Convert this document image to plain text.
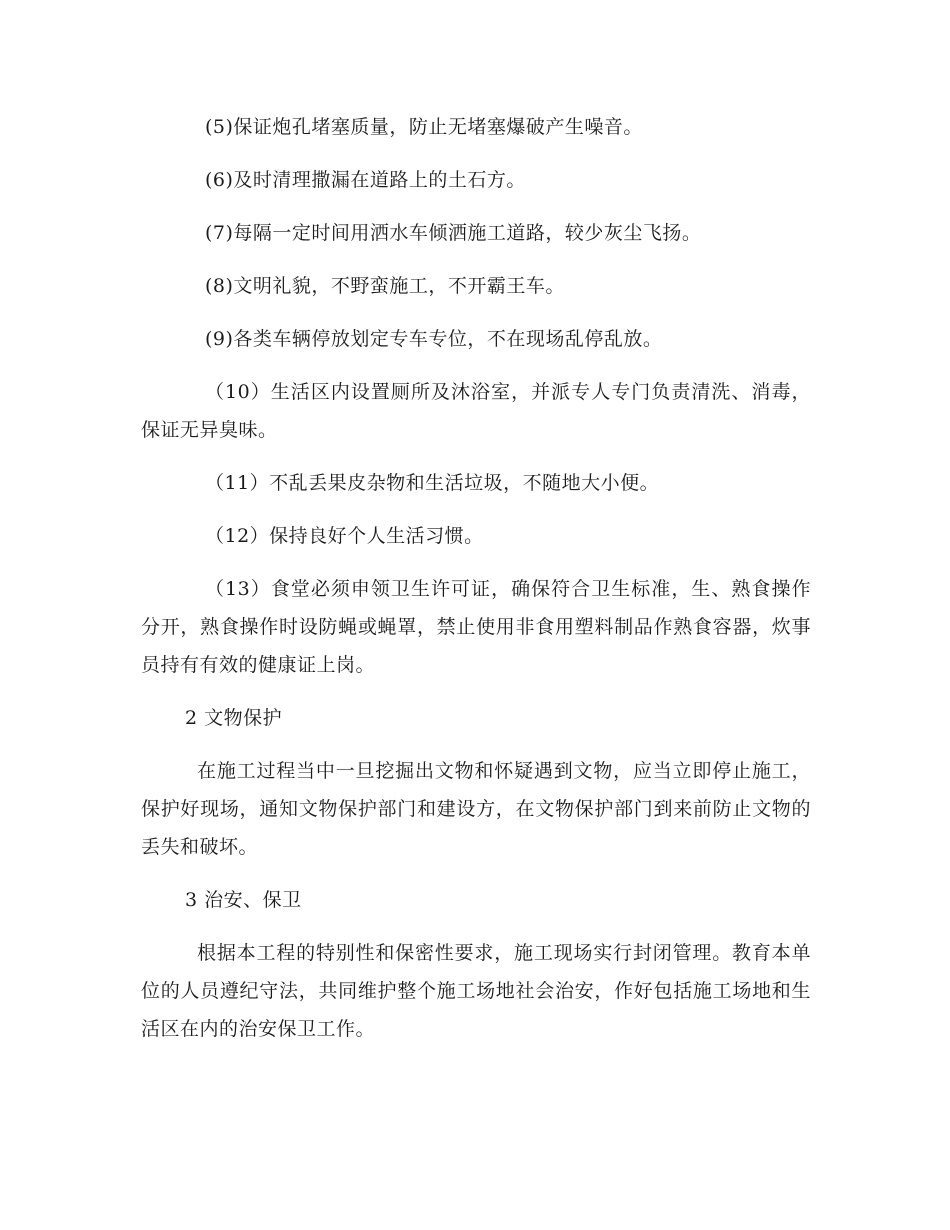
(5)保证炮孔堵塞质量，防止无堵塞爆破产生噪音。

(6)及时清理撒漏在道路上的土石方。

(7)每隔一定时间用洒水车倾洒施工道路，较少灰尘飞扬。

(8)文明礼貌，不野蛮施工，不开霸王车。

(9)各类车辆停放划定专车专位，不在现场乱停乱放。

（10）生活区内设置厕所及沐浴室，并派专人专门负责清洗、消毒，保证无异臭味。

（11）不乱丢果皮杂物和生活垃圾，不随地大小便。

（12）保持良好个人生活习惯。

（13）食堂必须申领卫生许可证，确保符合卫生标准，生、熟食操作分开，熟食操作时设防蝇或蝇罩，禁止使用非食用塑料制品作熟食容器，炊事员持有有效的健康证上岗。

2 文物保护

在施工过程当中一旦挖掘出文物和怀疑遇到文物，应当立即停止施工，保护好现场，通知文物保护部门和建设方，在文物保护部门到来前防止文物的丢失和破坏。

3 治安、保卫

根据本工程的特别性和保密性要求，施工现场实行封闭管理。教育本单位的人员遵纪守法，共同维护整个施工场地社会治安，作好包括施工场地和生活区在内的治安保卫工作。
